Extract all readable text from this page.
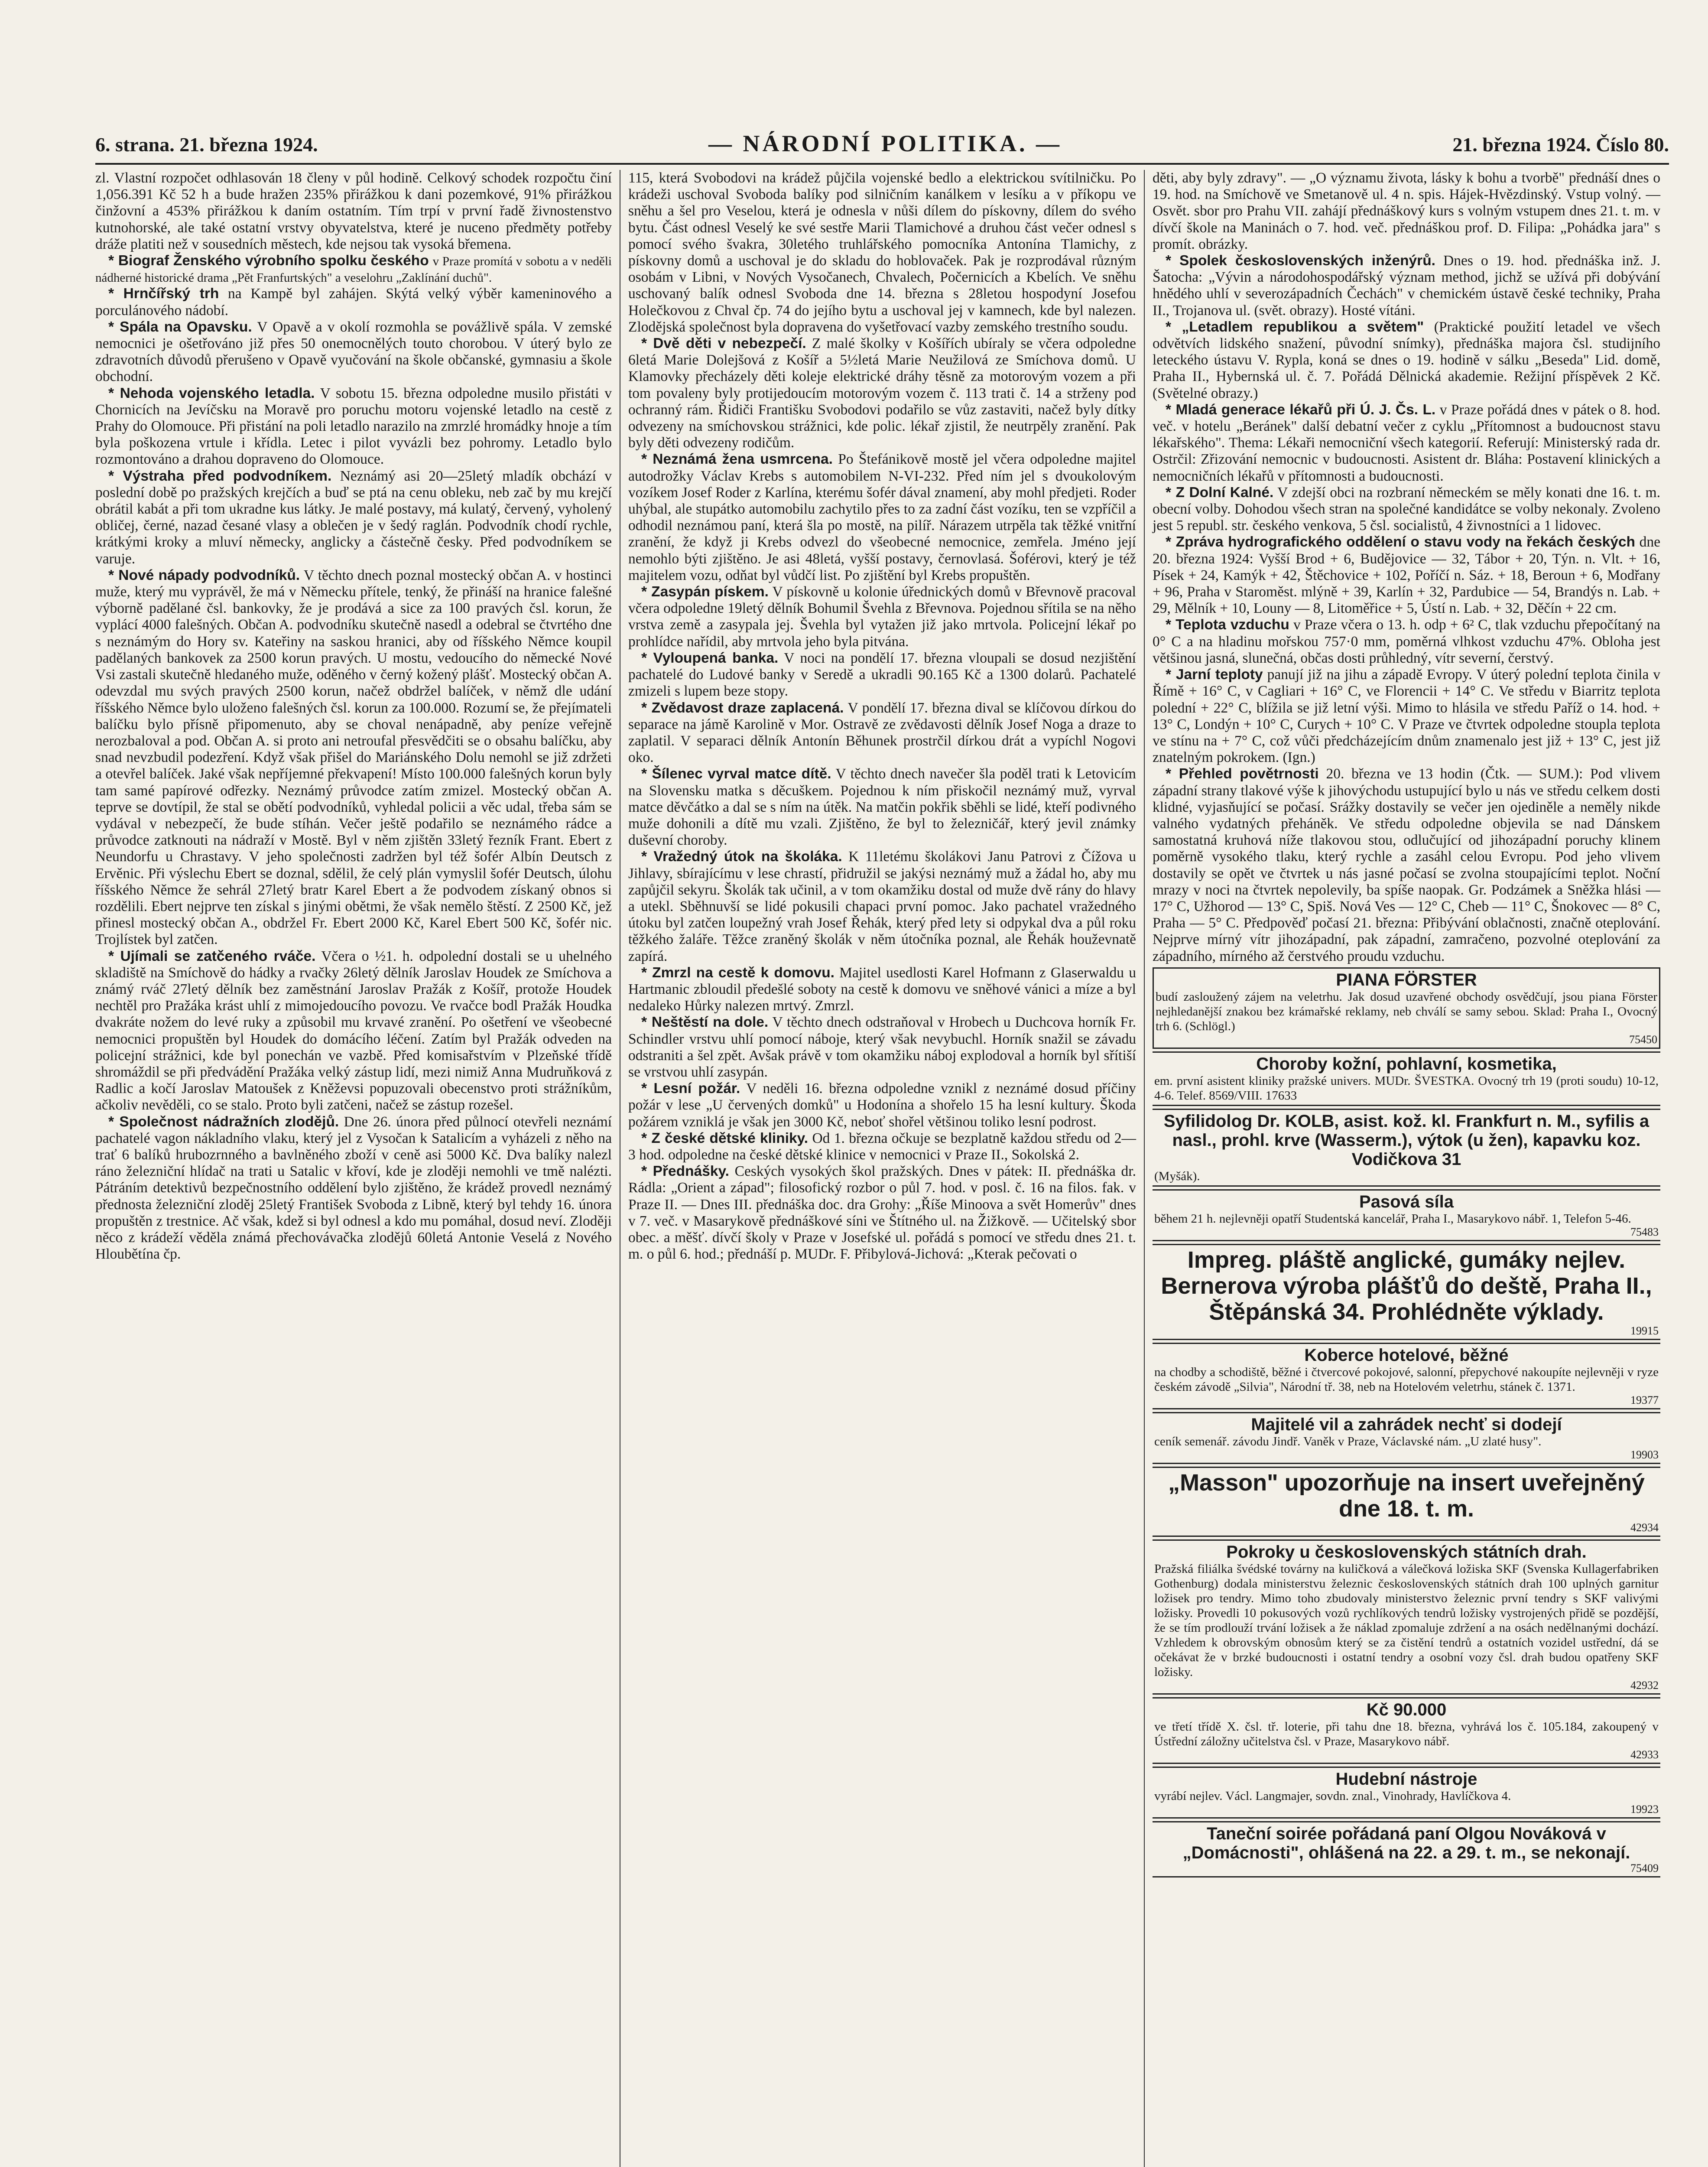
6. strana. 21. března 1924.	— NÁRODNÍ POLITIKA. —	21. března 1924. Číslo 80.

zl. Vlastní rozpočet odhlasován 18 členy v půl hodině. Celkový schodek rozpočtu činí 1,056.391 Kč 52 h a bude hražen 235% přirážkou k dani pozemkové, 91% přirážkou činžovní a 453% přirážkou k daním ostatním. Tím trpí v první řadě živnostenstvo kutnohorské, ale také ostatní vrstvy obyvatelstva, které je nuceno předměty potřeby dráže platiti než v sousedních městech, kde nejsou tak vysoká břemena.

* Biograf Ženského výrobního spolku českého v Praze promítá v sobotu a v neděli nádherné historické drama „Pět Franfurtských" a veselohru „Zaklínání duchů".

* Hrnčířský trh na Kampě byl zahájen. Skýtá velký výběr kameninového a porculánového nádobí.

* Spála na Opavsku. V Opavě a v okolí rozmohla se povážlivě spála. V zemské nemocnici je ošetřováno již přes 50 onemocnělých touto chorobou. V úterý bylo ze zdravotních důvodů přerušeno v Opavě vyučování na škole občanské, gymnasiu a škole obchodní.

* Nehoda vojenského letadla. V sobotu 15. března odpoledne musilo přistáti v Chornicích na Jevíčsku na Moravě pro poruchu motoru vojenské letadlo na cestě z Prahy do Olomouce. Při přistání na poli letadlo narazilo na zmrzlé hromádky hnoje a tím byla poškozena vrtule i křídla. Letec i pilot vyvázli bez pohromy. Letadlo bylo rozmontováno a drahou dopraveno do Olomouce.

* Výstraha před podvodníkem. Neznámý asi 20—25letý mladík obchází v poslední době po pražských krejčích a buď se ptá na cenu obleku, neb zač by mu krejčí obrátil kabát a při tom ukradne kus látky. Je malé postavy, má kulatý, červený, vyholený obličej, černé, nazad česané vlasy a oblečen je v šedý raglán. Podvodník chodí rychle, krátkými kroky a mluví německy, anglicky a částečně česky. Před podvodníkem se varuje.

* Nové nápady podvodníků. V těchto dnech poznal mostecký občan A. v hostinci muže, který mu vyprávěl, že má v Německu přítele, tenký, že přináší na hranice falešné výborně padělané čsl. bankovky, že je prodává a sice za 100 pravých čsl. korun, že vyplácí 4000 falešných. Občan A. podvodníku skutečně nasedl a odebral se čtvrtého dne s neznámým do Hory sv. Kateřiny na saskou hranici, aby od říšského Němce koupil padělaných bankovek za 2500 korun pravých. U mostu, vedoucího do německé Nové Vsi zastali skutečně hledaného muže, oděného v černý kožený plášť. Mostecký občan A. odevzdal mu svých pravých 2500 korun, načež obdržel balíček, v němž dle udání říšského Němce bylo uloženo falešných čsl. korun za 100.000. Rozumí se, že přejímateli balíčku bylo přísně připomenuto, aby se choval nenápadně, aby peníze veřejně nerozbaloval a pod. Občan A. si proto ani netroufal přesvědčiti se o obsahu balíčku, aby snad nevzbudil podezření. Když však přišel do Mariánského Dolu nemohl se již zdržeti a otevřel balíček. Jaké však nepříjemné překvapení! Místo 100.000 falešných korun byly tam samé papírové odřezky. Neznámý průvodce zatím zmizel. Mostecký občan A. teprve se dovtípil, že stal se obětí podvodníků, vyhledal policii a věc udal, třeba sám se vydával v nebezpečí, že bude stíhán. Večer ještě podařilo se neznámého rádce a průvodce zatknouti na nádraží v Mostě. Byl v něm zjištěn 33letý řezník Frant. Ebert z Neundorfu u Chrastavy. V jeho společnosti zadržen byl též šofér Albín Deutsch z Ervěnic. Při výslechu Ebert se doznal, sdělil, že celý plán vymyslil šofér Deutsch, úlohu říšského Němce že sehrál 27letý bratr Karel Ebert a že podvodem získaný obnos si rozdělili. Ebert nejprve ten získal s jinými obětmi, že však nemělo štěstí. Z 2500 Kč, jež přinesl mostecký občan A., obdržel Fr. Ebert 2000 Kč, Karel Ebert 500 Kč, šofér nic. Trojlístek byl zatčen.

* Ujímali se zatčeného rváče. Včera o ½1. h. odpolední dostali se u uhelného skladiště na Smíchově do hádky a rvačky 26letý dělník Jaroslav Houdek ze Smíchova a známý rváč 27letý dělník bez zaměstnání Jaroslav Pražák z Košíř, protože Houdek nechtěl pro Pražáka krást uhlí z mimojedoucího povozu. Ve rvačce bodl Pražák Houdka dvakráte nožem do levé ruky a způsobil mu krvavé zranění. Po ošetření ve všeobecné nemocnici propuštěn byl Houdek do domácího léčení. Zatím byl Pražák odveden na policejní strážnici, kde byl ponechán ve vazbě. Před komisařstvím v Plzeňské třídě shromáždil se při předvádění Pražáka velký zástup lidí, mezi nimiž Anna Mudruňková z Radlic a kočí Jaroslav Matoušek z Kněževsi popuzovali obecenstvo proti strážníkům, ačkoliv nevěděli, co se stalo. Proto byli zatčeni, načež se zástup rozešel.

* Společnost nádražních zlodějů. Dne 26. února před půlnocí otevřeli neznámí pachatelé vagon nákladního vlaku, který jel z Vysočan k Satalicím a vyházeli z něho na trať 6 balíků hrubozrnného a bavlněného zboží v ceně asi 5000 Kč. Dva balíky nalezl ráno železniční hlídač na trati u Satalic v křoví, kde je zloději nemohli ve tmě nalézti. Pátráním detektivů bezpečnostního oddělení bylo zjištěno, že krádež provedl neznámý přednosta železniční zloděj 25letý František Svoboda z Libně, který byl tehdy 16. února propuštěn z trestnice. Ač však, kdež si byl odnesl a kdo mu pomáhal, dosud neví. Zloději něco z krádeží věděla známá přechovávačka zlodějů 60letá Antonie Veselá z Nového Hloubětína čp.

115, která Svobodovi na krádež půjčila vojenské bedlo a elektrickou svítilničku. Po krádeži uschoval Svoboda balíky pod silničním kanálkem v lesíku a v příkopu ve sněhu a šel pro Veselou, která je odnesla v nůši dílem do pískovny, dílem do svého bytu. Část odnesl Veselý ke své sestře Marii Tlamichové a druhou část večer odnesl s pomocí svého švakra, 30letého truhlářského pomocníka Antonína Tlamichy, z pískovny domů a uschoval je do skladu do hoblovaček. Pak je rozprodával různým osobám v Libni, v Nových Vysočanech, Chvalech, Počernicích a Kbelích. Ve sněhu uschovaný balík odnesl Svoboda dne 14. března s 28letou hospodyní Josefou Holečkovou z Chval čp. 74 do jejího bytu a uschoval jej v kamnech, kde byl nalezen. Zlodějská společnost byla dopravena do vyšetřovací vazby zemského trestního soudu.

* Dvě děti v nebezpečí. Z malé školky v Košířích ubíraly se včera odpoledne 6letá Marie Dolejšová z Košíř a 5½letá Marie Neužilová ze Smíchova domů. U Klamovky přecházely děti koleje elektrické dráhy těsně za motorovým vozem a při tom povaleny byly protijedoucím motorovým vozem č. 113 trati č. 14 a strženy pod ochranný rám. Řidiči Františku Svobodovi podařilo se vůz zastaviti, načež byly dítky odvezeny na smíchovskou strážnici, kde polic. lékař zjistil, že neutrpěly zranění. Pak byly děti odvezeny rodičům.

* Neznámá žena usmrcena. Po Štefánikově mostě jel včera odpoledne majitel autodrožky Václav Krebs s automobilem N-VI-232. Před ním jel s dvoukolovým vozíkem Josef Roder z Karlína, kterému šofér dával znamení, aby mohl předjeti. Roder uhýbal, ale stupátko automobilu zachytilo přes to za zadní část vozíku, ten se vzpříčil a odhodil neznámou paní, která šla po mostě, na pilíř. Nárazem utrpěla tak těžké vnitřní zranění, že když ji Krebs odvezl do všeobecné nemocnice, zemřela. Jméno její nemohlo býti zjištěno. Je asi 48letá, vyšší postavy, černovlasá. Šoférovi, který je též majitelem vozu, odňat byl vůdčí list. Po zjištění byl Krebs propuštěn.

* Zasypán pískem. V pískovně u kolonie úřednických domů v Břevnově pracoval včera odpoledne 19letý dělník Bohumil Švehla z Břevnova. Pojednou sřítila se na něho vrstva země a zasypala jej. Švehla byl vytažen již jako mrtvola. Policejní lékař po prohlídce nařídil, aby mrtvola jeho byla pitvána.

* Vyloupená banka. V noci na pondělí 17. března vloupali se dosud nezjištění pachatelé do Ludové banky v Seredě a ukradli 90.165 Kč a 1300 dolarů. Pachatelé zmizeli s lupem beze stopy.

* Zvědavost draze zaplacená. V pondělí 17. března dival se klíčovou dírkou do separace na jámě Karolině v Mor. Ostravě ze zvědavosti dělník Josef Noga a draze to zaplatil. V separaci dělník Antonín Běhunek prostrčil dírkou drát a vypíchl Nogovi oko.

* Šílenec vyrval matce dítě. V těchto dnech navečer šla poděl trati k Letovicím na Slovensku matka s děcuškem. Pojednou k ním přiskočil neznámý muž, vyrval matce děvčátko a dal se s ním na útěk. Na matčin pokřik sběhli se lidé, kteří podivného muže dohonili a dítě mu vzali. Zjištěno, že byl to železničář, který jevil známky duševní choroby.

* Vražedný útok na školáka. K 11letému školákovi Janu Patrovi z Čížova u Jihlavy, sbírajícímu v lese chrastí, přidružil se jakýsi neznámý muž a žádal ho, aby mu zapůjčil sekyru. Školák tak učinil, a v tom okamžiku dostal od muže dvě rány do hlavy a utekl. Sběhnuvší se lidé pokusili chapaci první pomoc. Jako pachatel vražedného útoku byl zatčen loupežný vrah Josef Řehák, který před lety si odpykal dva a půl roku těžkého žaláře. Těžce zraněný školák v něm útočníka poznal, ale Řehák houževnatě zapírá.

* Zmrzl na cestě k domovu. Majitel usedlosti Karel Hofmann z Glaserwaldu u Hartmanic zbloudil předešlé soboty na cestě k domovu ve sněhové vánici a míze a byl nedaleko Hůrky nalezen mrtvý. Zmrzl.

* Neštěstí na dole. V těchto dnech odstraňoval v Hrobech u Duchcova horník Fr. Schindler vrstvu uhlí pomocí náboje, který však nevybuchl. Horník snažil se závadu odstraniti a šel zpět. Avšak právě v tom okamžiku náboj explodoval a horník byl sřítiší se vrstvou uhlí zasypán.

* Lesní požár. V neděli 16. března odpoledne vznikl z neznámé dosud příčiny požár v lese „U červených domků" u Hodonína a shořelo 15 ha lesní kultury. Škoda požárem vzniklá je však jen 3000 Kč, neboť shořel většinou toliko lesní podrost.

* Z české dětské kliniky. Od 1. března očkuje se bezplatně každou středu od 2—3 hod. odpoledne na české dětské klinice v nemocnici v Praze II., Sokolská 2.

* Přednášky. Ceských vysokých škol pražských. Dnes v pátek: II. přednáška dr. Rádla: „Orient a západ"; filosofický rozbor o půl 7. hod. v posl. č. 16 na filos. fak. v Praze II. — Dnes III. přednáška doc. dra Grohy: „Říše Minoova a svět Homerův" dnes v 7. več. v Masarykově přednáškové síni ve Štítného ul. na Žižkově. — Učitelský sbor obec. a měšť. dívčí školy v Praze v Josefské ul. pořádá s pomocí ve středu dnes 21. t. m. o půl 6. hod.; přednáší p. MUDr. F. Přibylová-Jichová: „Kterak pečovati o

děti, aby byly zdravy". — „O významu života, lásky k bohu a tvorbě" přednáší dnes o 19. hod. na Smíchově ve Smetanově ul. 4 n. spis. Hájek-Hvězdinský. Vstup volný. — Osvět. sbor pro Prahu VII. zahájí přednáškový kurs s volným vstupem dnes 21. t. m. v dívčí škole na Maninách o 7. hod. več. přednáškou prof. D. Filipa: „Pohádka jara" s promít. obrázky.

* Spolek československých inženýrů. Dnes o 19. hod. přednáška inž. J. Šatocha: „Vývin a národohospodářský význam method, jichž se užívá při dobývání hnědého uhlí v severozápadních Čechách" v chemickém ústavě české techniky, Praha II., Trojanova ul. (svět. obrazy). Hosté vítáni.

* „Letadlem republikou a světem" (Praktické použití letadel ve všech odvětvích lidského snažení, původní snímky), přednáška majora čsl. studijního leteckého ústavu V. Rypla, koná se dnes o 19. hodině v sálku „Beseda" Lid. domě, Praha II., Hybernská ul. č. 7. Pořádá Dělnická akademie. Režijní příspěvek 2 Kč. (Světelné obrazy.)

* Mladá generace lékařů při Ú. J. Čs. L. v Praze pořádá dnes v pátek o 8. hod. več. v hotelu „Beránek" další debatní večer z cyklu „Přítomnost a budoucnost stavu lékařského". Thema: Lékaři nemocniční všech kategorií. Referují: Ministerský rada dr. Ostrčil: Zřizování nemocnic v budoucnosti. Asistent dr. Bláha: Postavení klinických a nemocničních lékařů v přítomnosti a budoucnosti.

* Z Dolní Kalné. V zdejší obci na rozbraní německém se měly konati dne 16. t. m. obecní volby. Dohodou všech stran na společné kandidátce se volby nekonaly. Zvoleno jest 5 republ. str. českého venkova, 5 čsl. socialistů, 4 živnostníci a 1 lidovec.

* Zpráva hydrografického oddělení o stavu vody na řekách českých dne 20. března 1924: Vyšší Brod + 6, Budějovice — 32, Tábor + 20, Týn. n. Vlt. + 16, Písek + 24, Kamýk + 42, Štěchovice + 102, Poříčí n. Sáz. + 18, Beroun + 6, Modřany + 96, Praha v Staroměst. mlýně + 39, Karlín + 32, Pardubice — 54, Brandýs n. Lab. + 29, Mělník + 10, Louny — 8, Litoměřice + 5, Ústí n. Lab. + 32, Děčín + 22 cm.

* Teplota vzduchu v Praze včera o 13. h. odp + 6² C, tlak vzduchu přepočítaný na 0° C a na hladinu mořskou 757·0 mm, poměrná vlhkost vzduchu 47%. Obloha jest většinou jasná, slunečná, občas dosti průhledný, vítr severní, čerstvý.

* Jarní teploty panují již na jihu a západě Evropy. V úterý polední teplota činila v Římě + 16° C, v Cagliari + 16° C, ve Florencii + 14° C. Ve středu v Biarritz teplota polední + 22° C, blížila se již letní výši. Mimo to hlásila ve středu Paříž o 14. hod. + 13° C, Londýn + 10° C, Curych + 10° C. V Praze ve čtvrtek odpoledne stoupla teplota ve stínu na + 7° C, což vůči předcházejícím dnům znamenalo jest již + 13° C, jest již znatelným pokrokem. (Ign.)

* Přehled povětrnosti 20. března ve 13 hodin (Čtk. — SUM.): Pod vlivem západní strany tlakové výše k jihovýchodu ustupující bylo u nás ve středu celkem dosti klidné, vyjasňující se počasí. Srážky dostavily se večer jen ojediněle a neměly nikde valného vydatných přeháněk. Ve středu odpoledne objevila se nad Dánskem samostatná kruhová níže tlakovou stou, odlučující od jihozápadní poruchy klinem poměrně vysokého tlaku, který rychle a zasáhl celou Evropu. Pod jeho vlivem dostavily se opět ve čtvrtek u nás jasné počasí se zvolna stoupajícími teplot. Noční mrazy v noci na čtvrtek nepolevily, ba spíše naopak. Gr. Podzámek a Sněžka hlási — 17° C, Užhorod — 13° C, Spiš. Nová Ves — 12° C, Cheb — 11° C, Šnokovec — 8° C, Praha — 5° C. Předpověď počasí 21. března: Přibývání oblačnosti, značně oteplování. Nejprve mírný vítr jihozápadní, pak západní, zamračeno, pozvolné oteplování za západního, mírného až čerstvého proudu vzduchu.

PIANA FÖRSTER
budí zasloužený zájem na veletrhu. Jak dosud uzavřené obchody osvědčují, jsou piana Förster nejhledanější znakou bez krámařské reklamy, neb chválí se samy sebou. Sklad: Praha I., Ovocný trh 6. (Schlögl.)
75450
Choroby kožní, pohlavní, kosmetika,
em. první asistent kliniky pražské univers. MUDr. ŠVESTKA. Ovocný trh 19 (proti soudu) 10-12, 4-6. Telef. 8569/VIII. 17633
Syfilidolog Dr. KOLB, asist. kož. kl. Frankfurt n. M., syfilis a nasl., prohl. krve (Wasserm.), výtok (u žen), kapavku koz. Vodičkova 31
(Myšák).
Pasová síla
během 21 h. nejlevněji opatří Studentská kancelář, Praha I., Masarykovo nábř. 1, Telefon 5-46.
75483
Impreg. pláště anglické, gumáky nejlev. Bernerova výroba plášťů do deště, Praha II., Štěpánská 34. Prohlédněte výklady.
19915
Koberce hotelové, běžné
na chodby a schodiště, běžné i čtvercové pokojové, salonní, přepychové nakoupíte nejlevněji v ryze českém závodě „Silvia", Národní tř. 38, neb na Hotelovém veletrhu, stánek č. 1371.
19377
Majitelé vil a zahrádek nechť si dodejí
ceník semenář. závodu Jindř. Vaněk v Praze, Václavské nám. „U zlaté husy".
19903
„Masson" upozorňuje na insert uveřejněný dne 18. t. m.
42934
Pokroky u československých státních drah.
Pražská filiálka švédské továrny na kuličková a válečková ložiska SKF (Svenska Kullagerfabriken Gothenburg) dodala ministerstvu železnic československých státních drah 100 uplných garnitur ložisek pro tendry. Mimo toho zbudovaly ministerstvo železnic první tendry s SKF valivými ložisky. Provedli 10 pokusových vozů rychlíkových tendrů ložisky vystrojených přidě se pozdější, že se tím prodlouží trvání ložisek a že náklad zpomaluje zdržení a na osách nedělnanými dochází. Vzhledem k obrovským obnosům který se za čistění tendrů a ostatních vozidel ustřední, dá se očekávat že v brzké budoucnosti i ostatní tendry a osobní vozy čsl. drah budou opatřeny SKF ložisky.
42932
Kč 90.000
ve třetí třídě X. čsl. tř. loterie, při tahu dne 18. března, vyhrává los č. 105.184, zakoupený v Ústřední záložny učitelstva čsl. v Praze, Masarykovo nábř.
42933
Hudební nástroje
vyrábí nejlev. Václ. Langmajer, sovdn. znal., Vinohrady, Havlíčkova 4.
19923
Taneční soirée pořádaná paní Olgou Nováková v „Domácnosti", ohlášená na 22. a 29. t. m., se nekonají.
75409
